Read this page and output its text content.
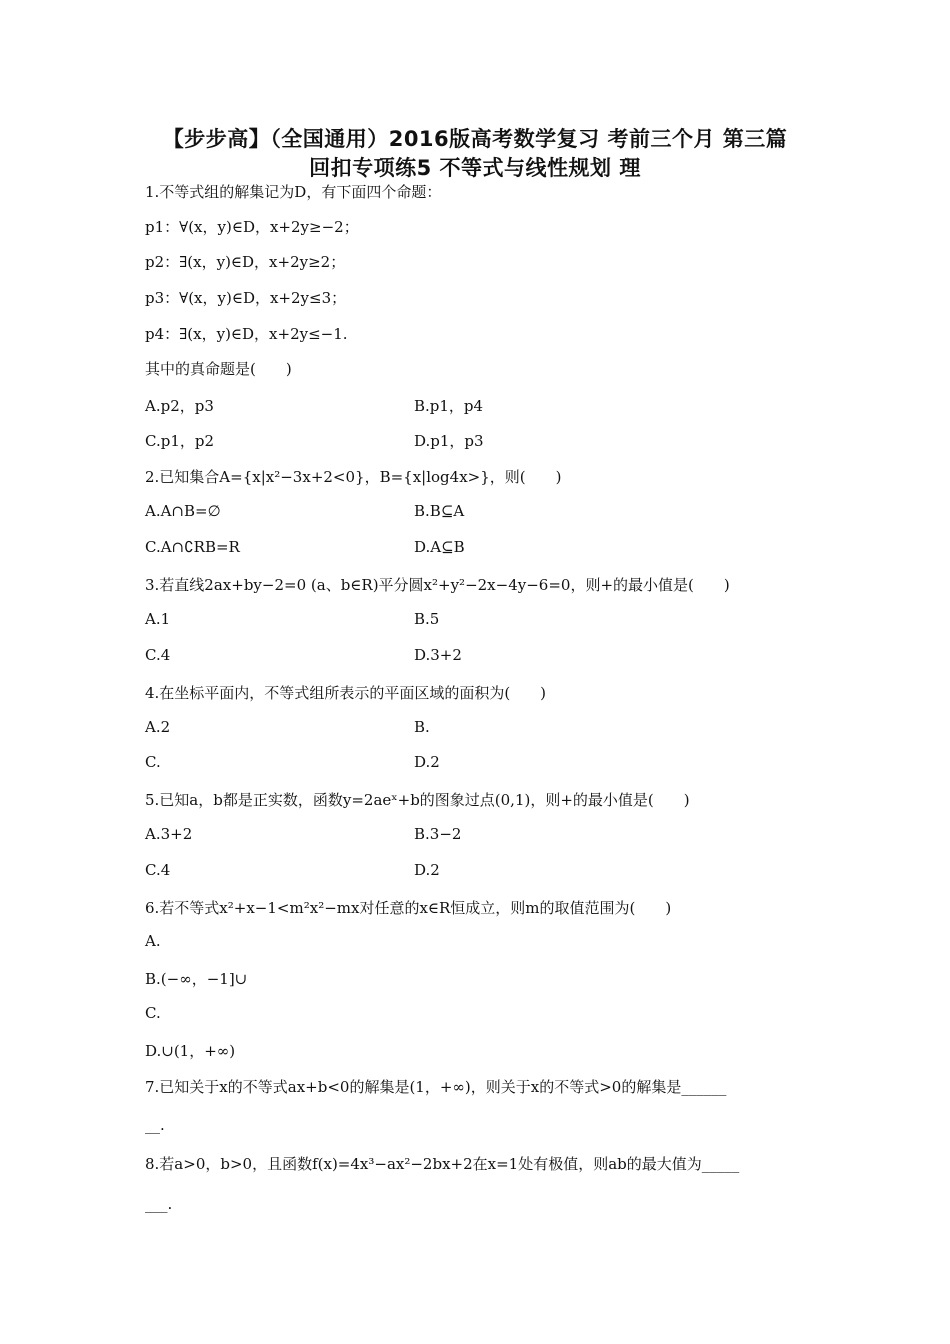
【步步高】（全国通用）2016版高考数学复习 考前三个月 第三篇
回扣专项练5 不等式与线性规划 理
1.不等式组的解集记为D，有下面四个命题：
p1：∀(x，y)∈D，x+2y≥−2；
p2：∃(x，y)∈D，x+2y≥2；
p3：∀(x，y)∈D，x+2y≤3；
p4：∃(x，y)∈D，x+2y≤−1.
其中的真命题是(　　)
A.p2，p3	B.p1，p4
C.p1，p2	D.p1，p3
2.已知集合A={x|x²−3x+2<0}，B={x|log4x>}，则(　　)
A.A∩B=∅	B.B⊆A
C.A∩∁RB=R	D.A⊆B
3.若直线2ax+by−2=0 (a、b∈R)平分圆x²+y²−2x−4y−6=0，则+的最小值是(　　)
A.1	B.5
C.4	D.3+2
4.在坐标平面内，不等式组所表示的平面区域的面积为(　　)
A.2	B.
C.	D.2
5.已知a，b都是正实数，函数y=2aeˣ+b的图象过点(0,1)，则+的最小值是(　　)
A.3+2	B.3−2
C.4	D.2
6.若不等式x²+x−1<m²x²−mx对任意的x∈R恒成立，则m的取值范围为(　　)
A.
B.(−∞，−1]∪
C.
D.∪(1，+∞)
7.已知关于x的不等式ax+b<0的解集是(1，+∞)，则关于x的不等式>0的解集是______
__.
8.若a>0，b>0，且函数f(x)=4x³−ax²−2bx+2在x=1处有极值，则ab的最大值为_____
___.
